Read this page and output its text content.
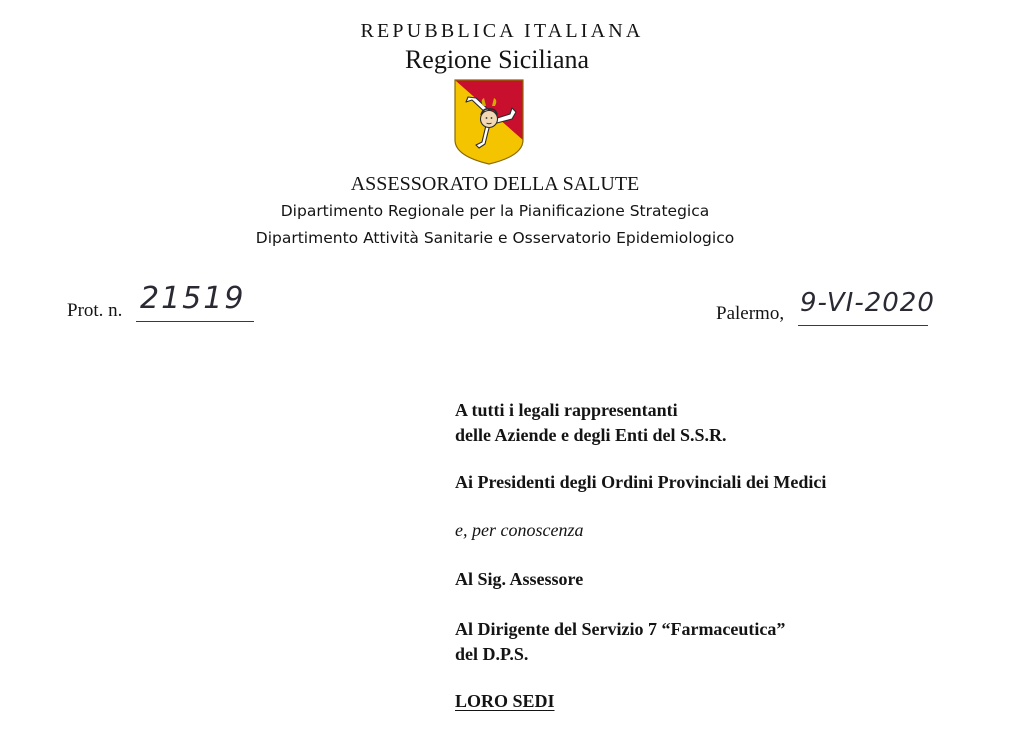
REPUBBLICA ITALIANA
Regione Siciliana
ASSESSORATO DELLA SALUTE
Dipartimento Regionale per la Pianificazione Strategica
Dipartimento Attività Sanitarie e Osservatorio Epidemiologico
Prot. n. 21519	Palermo, 9-VI-2020
A tutti i legali rappresentanti
delle Aziende e degli Enti del S.S.R.
Ai Presidenti degli Ordini Provinciali dei Medici
e, per conoscenza
Al Sig. Assessore
Al Dirigente del Servizio 7 “Farmaceutica”
del D.P.S.
LORO SEDI
